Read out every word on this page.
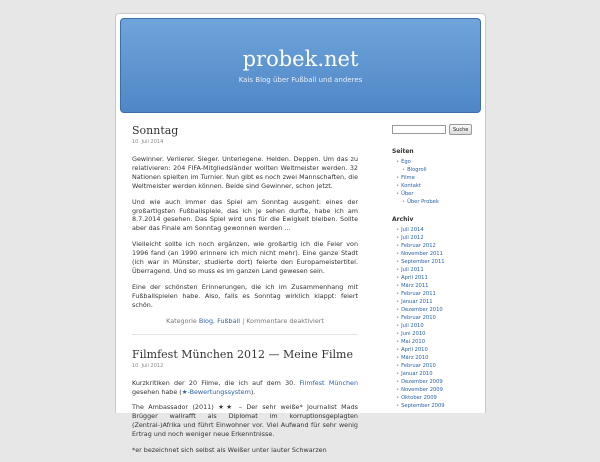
probek.net
Kais Blog über Fußball und anderes
Sonntag
10. Juli 2014

Gewinner. Verlierer. Sieger. Unterlegene. Helden. Deppen. Um das zu relativieren: 204 FIFA-Mitgliedsländer wollten Weltmeister werden. 32 Nationen spielten im Turnier. Nun gibt es noch zwei Mannschaften, die Weltmeister werden können. Beide sind Gewinner, schon jetzt.

Und wie auch immer das Spiel am Sonntag ausgeht: eines der großartigsten Fußballspiele, das ich je sehen durfte, habe ich am 8.7.2014 gesehen. Das Spiel wird uns für die Ewigkeit bleiben. Sollte aber das Finale am Sonntag gewonnen werden …

Vielleicht sollte ich noch ergänzen, wie großartig ich die Feier von 1996 fand (an 1990 erinnere ich mich nicht mehr). Eine ganze Stadt (ich war in Münster, studierte dort) feierte den Europameistertitel. Überragend. Und so muss es im ganzen Land gewesen sein.

Eine der schönsten Erinnerungen, die ich im Zusammenhang mit Fußballspielen habe. Also, falls es Sonntag wirklich klappt: feiert schön.

Kategorie Blog, Fußball | Kommentare deaktiviert
Filmfest München 2012 — Meine Filme
10. Juli 2012

Kurzkritiken der 20 Filme, die ich auf dem 30. Filmfest München gesehen habe (★-Bewertungssystem).

The Ambassador (2011) ★★ – Der sehr weiße* Journalist Mads Brügger wallrafft als Diplomat im korruptionsgeplagten (Zentral-)Afrika und führt Einwohner vor. Viel Aufwand für sehr wenig Ertrag und noch weniger neue Erkenntnisse.

*er bezeichnet sich selbst als Weißer unter lauter Schwarzen

Suche
Seiten
• Ego
• Blogroll
• Filme
• Kontakt
• Über
• Über Probek
Archiv
• Juli 2014
• Juli 2012
• Februar 2012
• November 2011
• September 2011
• Juli 2011
• April 2011
• März 2011
• Februar 2011
• Januar 2011
• Dezember 2010
• Februar 2010
• Juli 2010
• Juni 2010
• Mai 2010
• April 2010
• März 2010
• Februar 2010
• Januar 2010
• Dezember 2009
• November 2009
• Oktober 2009
• September 2009
